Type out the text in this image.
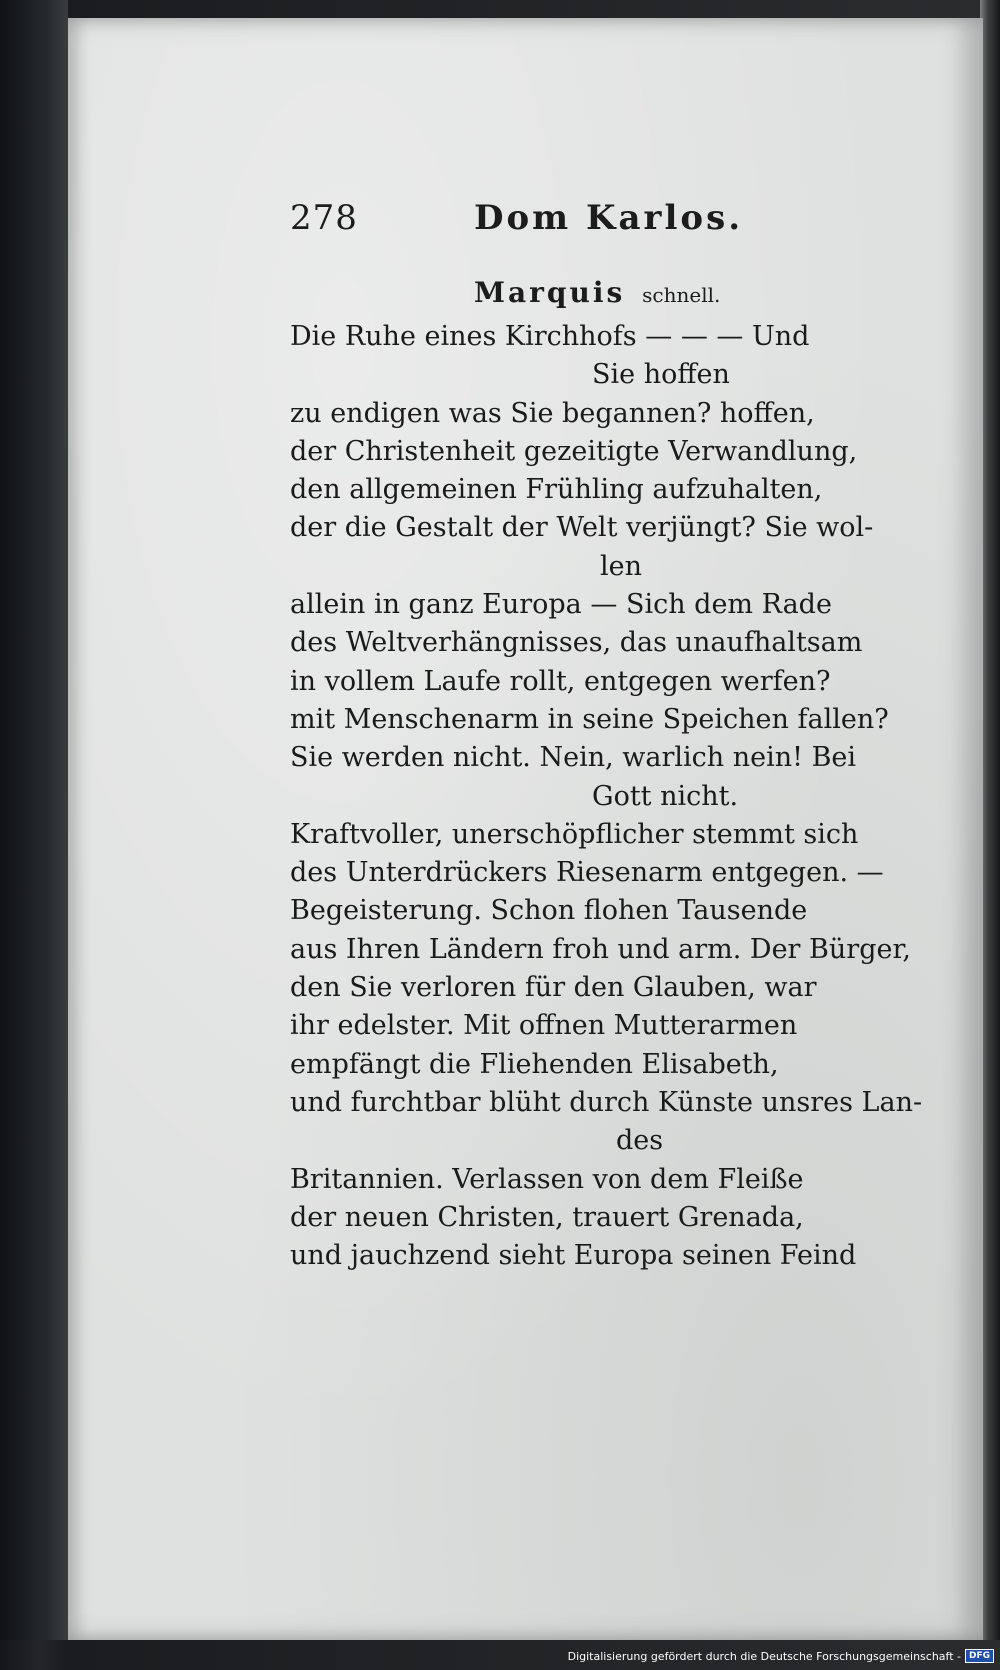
278	Dom Karlos.
Marquis schnell.
Die Ruhe eines Kirchhofs — — — Und
Sie hoffen
zu endigen was Sie begannen? hoffen,
der Christenheit gezeitigte Verwandlung,
den allgemeinen Frühling aufzuhalten,
der die Gestalt der Welt verjüngt? Sie wol-
len
allein in ganz Europa — Sich dem Rade
des Weltverhängnisses, das unaufhaltsam
in vollem Laufe rollt, entgegen werfen?
mit Menschenarm in seine Speichen fallen?
Sie werden nicht. Nein, warlich nein! Bei
Gott nicht.
Kraftvoller, unerschöpflicher stemmt sich
des Unterdrückers Riesenarm entgegen. —
Begeisterung. Schon flohen Tausende
aus Ihren Ländern froh und arm. Der Bürger,
den Sie verloren für den Glauben, war
ihr edelster. Mit offnen Mutterarmen
empfängt die Fliehenden Elisabeth,
und furchtbar blüht durch Künste unsres Lan-
des
Britannien. Verlassen von dem Fleiße
der neuen Christen, trauert Grenada,
und jauchzend sieht Europa seinen Feind
Digitalisierung gefördert durch die Deutsche Forschungsgemeinschaft - DFG
